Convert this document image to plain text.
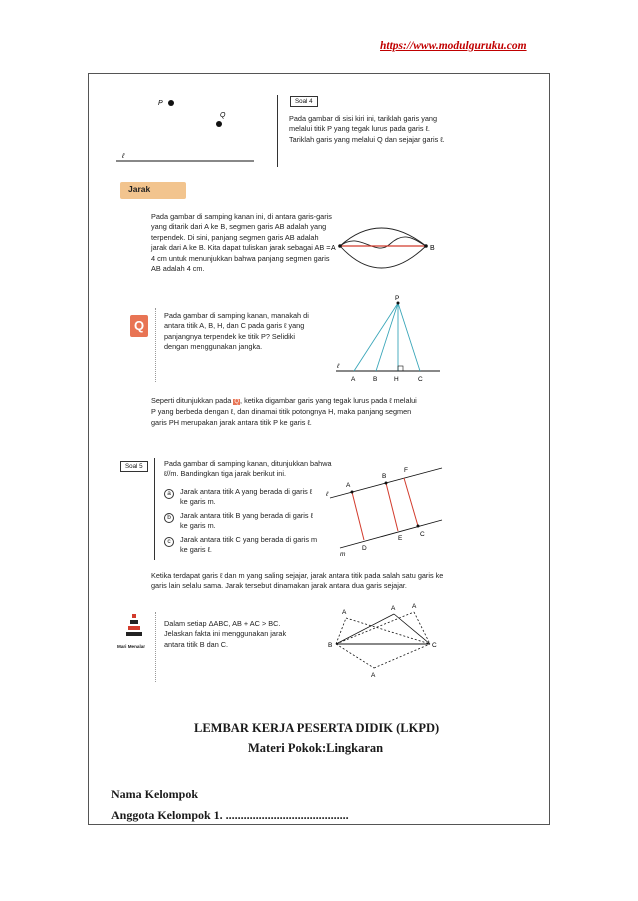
https://www.modulguruku.com
P
Q
ℓ
Soal 4
Pada gambar di sisi kiri ini, tariklah garis yang melalui titik P yang tegak lurus pada garis ℓ. Tariklah garis yang melalui Q dan sejajar garis ℓ.
Jarak
Pada gambar di samping kanan ini, di antara garis-garis yang ditarik dari A ke B, segmen garis AB adalah yang terpendek. Di sini, panjang segmen garis AB adalah jarak dari A ke B. Kita dapat tuliskan jarak sebagai AB = 4 cm untuk menunjukkan bahwa panjang segmen garis AB adalah 4 cm.
A	B
Q
Pada gambar di samping kanan, manakah di antara titik A, B, H, dan C pada garis ℓ yang panjangnya terpendek ke titik P? Selidiki dengan menggunakan jangka.
P
ℓ
A	B	H	C
Seperti ditunjukkan pada Q, ketika digambar garis yang tegak lurus pada ℓ melalui P yang berbeda dengan ℓ, dan dinamai titik potongnya H, maka panjang segmen garis PH merupakan jarak antara titik P ke garis ℓ.
Soal 5	Pada gambar di samping kanan, ditunjukkan bahwa ℓ//m. Bandingkan tiga jarak berikut ini.
a	Jarak antara titik A yang berada di garis ℓ ke garis m.
b	Jarak antara titik B yang berada di garis ℓ ke garis m.
c	Jarak antara titik C yang berada di garis m ke garis ℓ.
A
B
C
D
E
F
ℓ
m
Ketika terdapat garis ℓ dan m yang saling sejajar, jarak antara titik pada salah satu garis ke garis lain selalu sama. Jarak tersebut dinamakan jarak antara dua garis sejajar.
Mari Menalar
Dalam setiap ΔABC, AB + AC > BC. Jelaskan fakta ini menggunakan jarak antara titik B dan C.	B	C
A
A	A
A
LEMBAR KERJA PESERTA DIDIK (LKPD)
Materi Pokok:Lingkaran
Nama Kelompok
Anggota Kelompok 1. .........................................
